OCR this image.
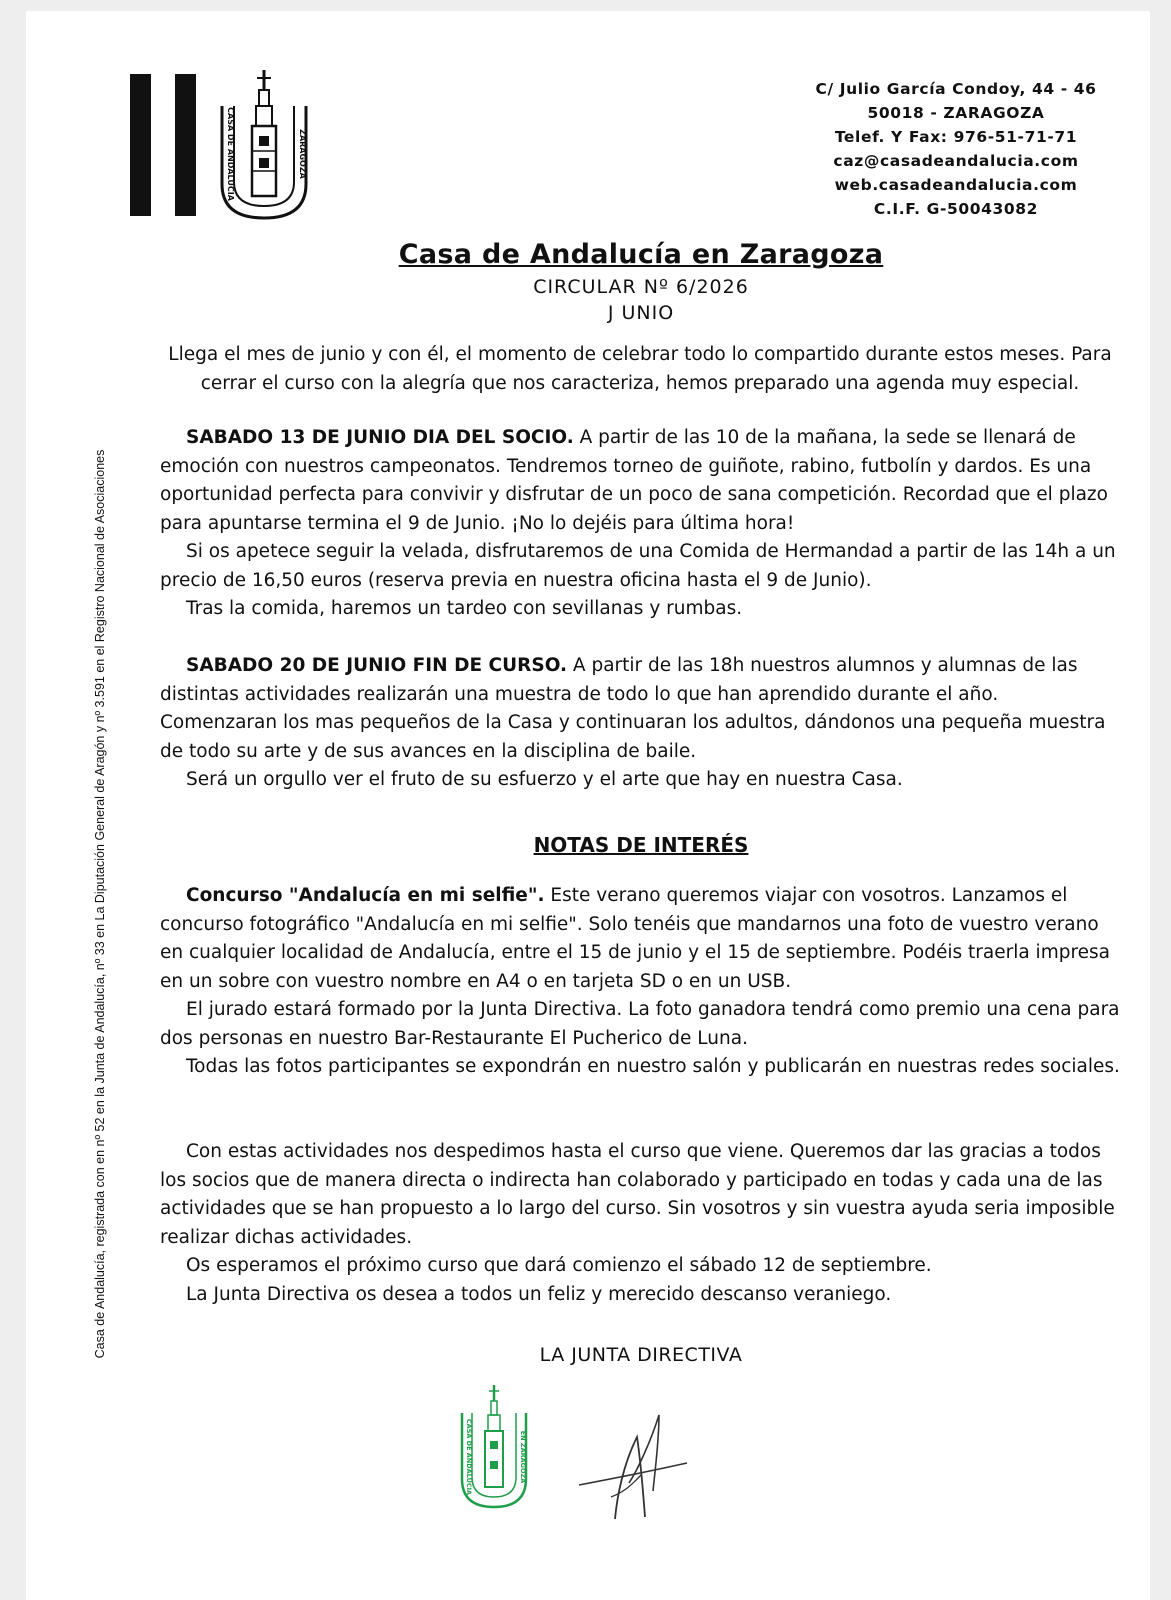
CASA DE ANDALUCIA	ZARAGOZA
C/ Julio García Condoy, 44 - 46
50018 - ZARAGOZA
Telef. Y Fax: 976-51-71-71
caz@casadeandalucia.com
web.casadeandalucia.com
C.I.F. G-50043082
Casa de Andalucía en Zaragoza
CIRCULAR Nº 6/2026
J UNIO

Llega el mes de junio y con él, el momento de celebrar todo lo compartido durante estos meses. Para cerrar el curso con la alegría que nos caracteriza, hemos preparado una agenda muy especial.

SABADO 13 DE JUNIO DIA DEL SOCIO. A partir de las 10 de la mañana, la sede se llenará de emoción con nuestros campeonatos. Tendremos torneo de guiñote, rabino, futbolín y dardos. Es una oportunidad perfecta para convivir y disfrutar de un poco de sana competición. Recordad que el plazo para apuntarse termina el 9 de Junio. ¡No lo dejéis para última hora!

Si os apetece seguir la velada, disfrutaremos de una Comida de Hermandad a partir de las 14h a un precio de 16,50 euros (reserva previa en nuestra oficina hasta el 9 de Junio).

Tras la comida, haremos un tardeo con sevillanas y rumbas.

SABADO 20 DE JUNIO FIN DE CURSO. A partir de las 18h nuestros alumnos y alumnas de las distintas actividades realizarán una muestra de todo lo que han aprendido durante el año. Comenzaran los mas pequeños de la Casa y continuaran los adultos, dándonos una pequeña muestra de todo su arte y de sus avances en la disciplina de baile.

Será un orgullo ver el fruto de su esfuerzo y el arte que hay en nuestra Casa.

NOTAS DE INTERÉS

Concurso "Andalucía en mi selfie". Este verano queremos viajar con vosotros. Lanzamos el concurso fotográfico "Andalucía en mi selfie". Solo tenéis que mandarnos una foto de vuestro verano en cualquier localidad de Andalucía, entre el 15 de junio y el 15 de septiembre. Podéis traerla impresa en un sobre con vuestro nombre en A4 o en tarjeta SD o en un USB.

El jurado estará formado por la Junta Directiva. La foto ganadora tendrá como premio una cena para dos personas en nuestro Bar-Restaurante El Pucherico de Luna.

Todas las fotos participantes se expondrán en nuestro salón y publicarán en nuestras redes sociales.

Con estas actividades nos despedimos hasta el curso que viene. Queremos dar las gracias a todos los socios que de manera directa o indirecta han colaborado y participado en todas y cada una de las actividades que se han propuesto a lo largo del curso. Sin vosotros y sin vuestra ayuda seria imposible realizar dichas actividades.

Os esperamos el próximo curso que dará comienzo el sábado 12 de septiembre.

La Junta Directiva os desea a todos un feliz y merecido descanso veraniego.

LA JUNTA DIRECTIVA
CASA DE ANDALUCIA	EN ZARAGOZA
Casa de Andalucía, registrada con en nº 52 en la Junta de Andalucía, nº 33 en La Diputación General de Aragón y nº 3.591 en el Registro Nacional de Asociaciones
